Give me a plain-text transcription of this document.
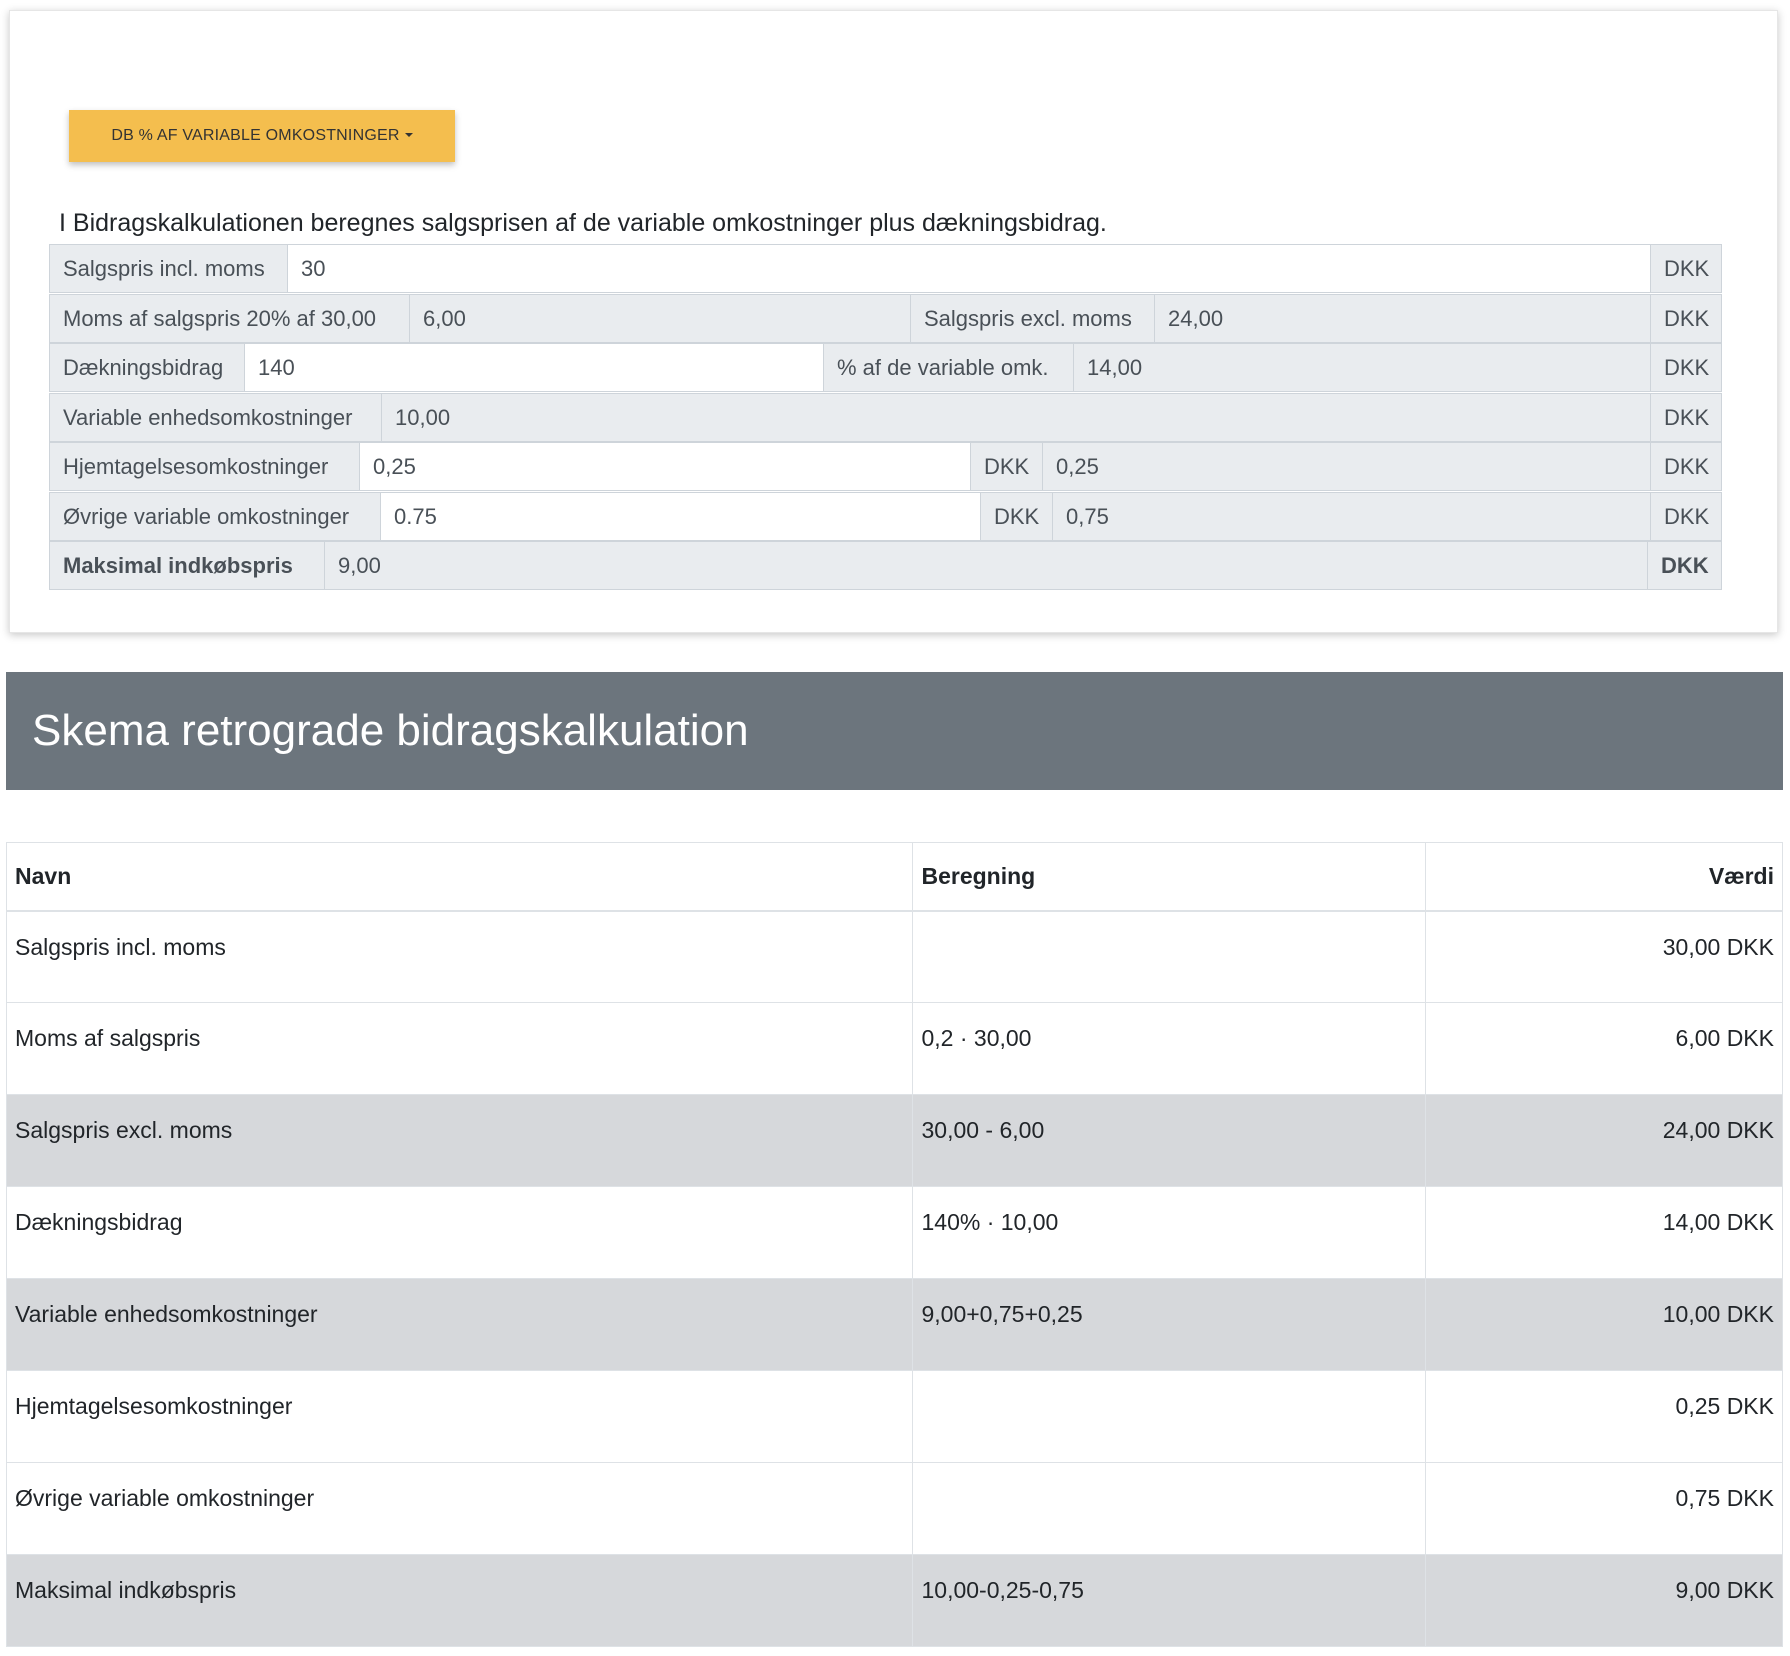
DB % AF VARIABLE OMKOSTNINGER
I Bidragskalkulationen beregnes salgsprisen af de variable omkostninger plus dækningsbidrag.
Salgspris incl. moms	30	DKK
Moms af salgspris 20% af 30,00	6,00	Salgspris excl. moms	24,00	DKK
Dækningsbidrag	140	% af de variable omk.	14,00	DKK
Variable enhedsomkostninger	10,00	DKK
Hjemtagelsesomkostninger	0,25	DKK	0,25	DKK
Øvrige variable omkostninger	0.75	DKK	0,75	DKK
Maksimal indkøbspris	9,00	DKK
Skema retrograde bidragskalkulation
Navn	Beregning	Værdi
Salgspris incl. moms		30,00 DKK
Moms af salgspris	0,2 · 30,00	6,00 DKK
Salgspris excl. moms	30,00 - 6,00	24,00 DKK
Dækningsbidrag	140% · 10,00	14,00 DKK
Variable enhedsomkostninger	9,00+0,75+0,25	10,00 DKK
Hjemtagelsesomkostninger		0,25 DKK
Øvrige variable omkostninger		0,75 DKK
Maksimal indkøbspris	10,00-0,25-0,75	9,00 DKK
